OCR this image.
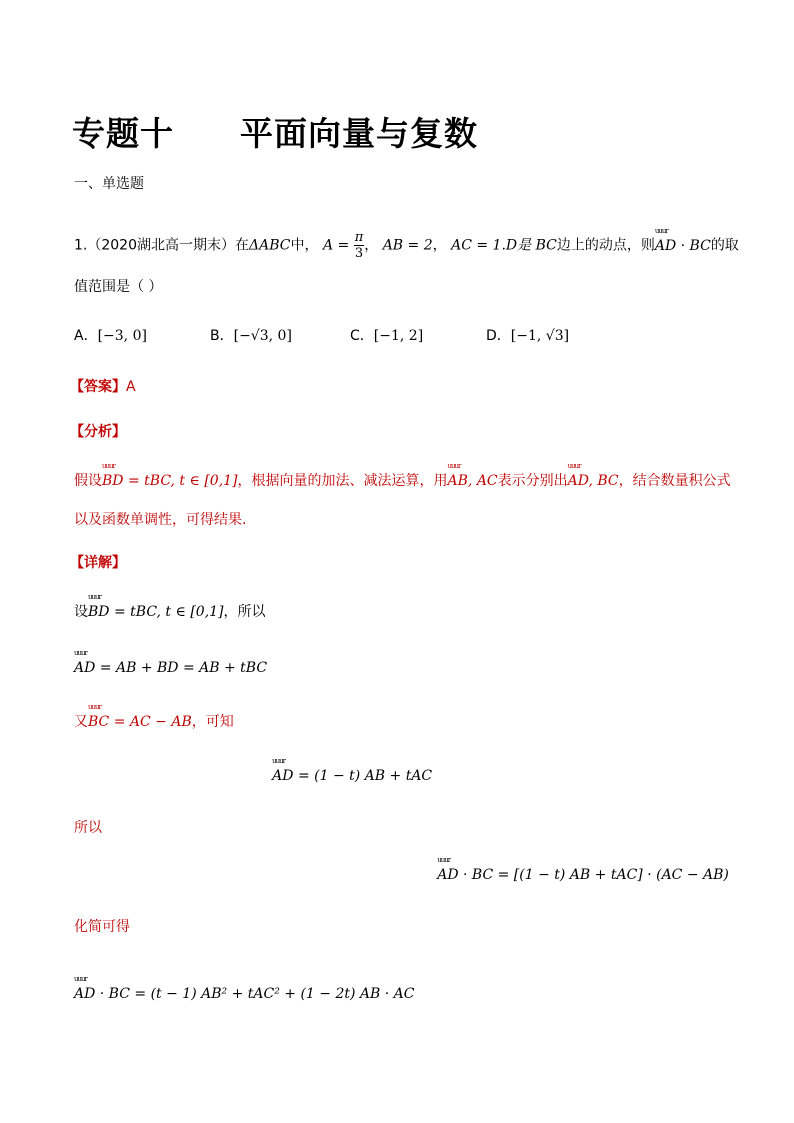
专题十 平面向量与复数
一、单选题
1.（2020湖北高一期末）在ΔABC中， $A = \frac{\pi}{3}$ ， AB = 2， AC = 1.D是 BC边上的动点，则uuur AD · BC的取
值范围是（ ）
A．[−3, 0]	B．[−√3, 0]	C．[−1, 2]	D．[−1, √3]
【答案】A
【分析】
假设uuur BD = tBC, t ∈ [0,1]，根据向量的加法、减法运算，用uuur AB, AC表示分别出uuur AD, BC，结合数量积公式
以及函数单调性，可得结果.
【详解】
设uuur BD = tBC, t ∈ [0,1]，所以
uuur AD = AB + BD = AB + tBC
又uuur BC = AC − AB，可知
uuur AD = (1 − t) AB + tAC
所以
uuur AD · BC = [(1 − t) AB + tAC] · (AC − AB)
化简可得
uuur AD · BC = (t − 1) AB² + tAC² + (1 − 2t) AB · AC
